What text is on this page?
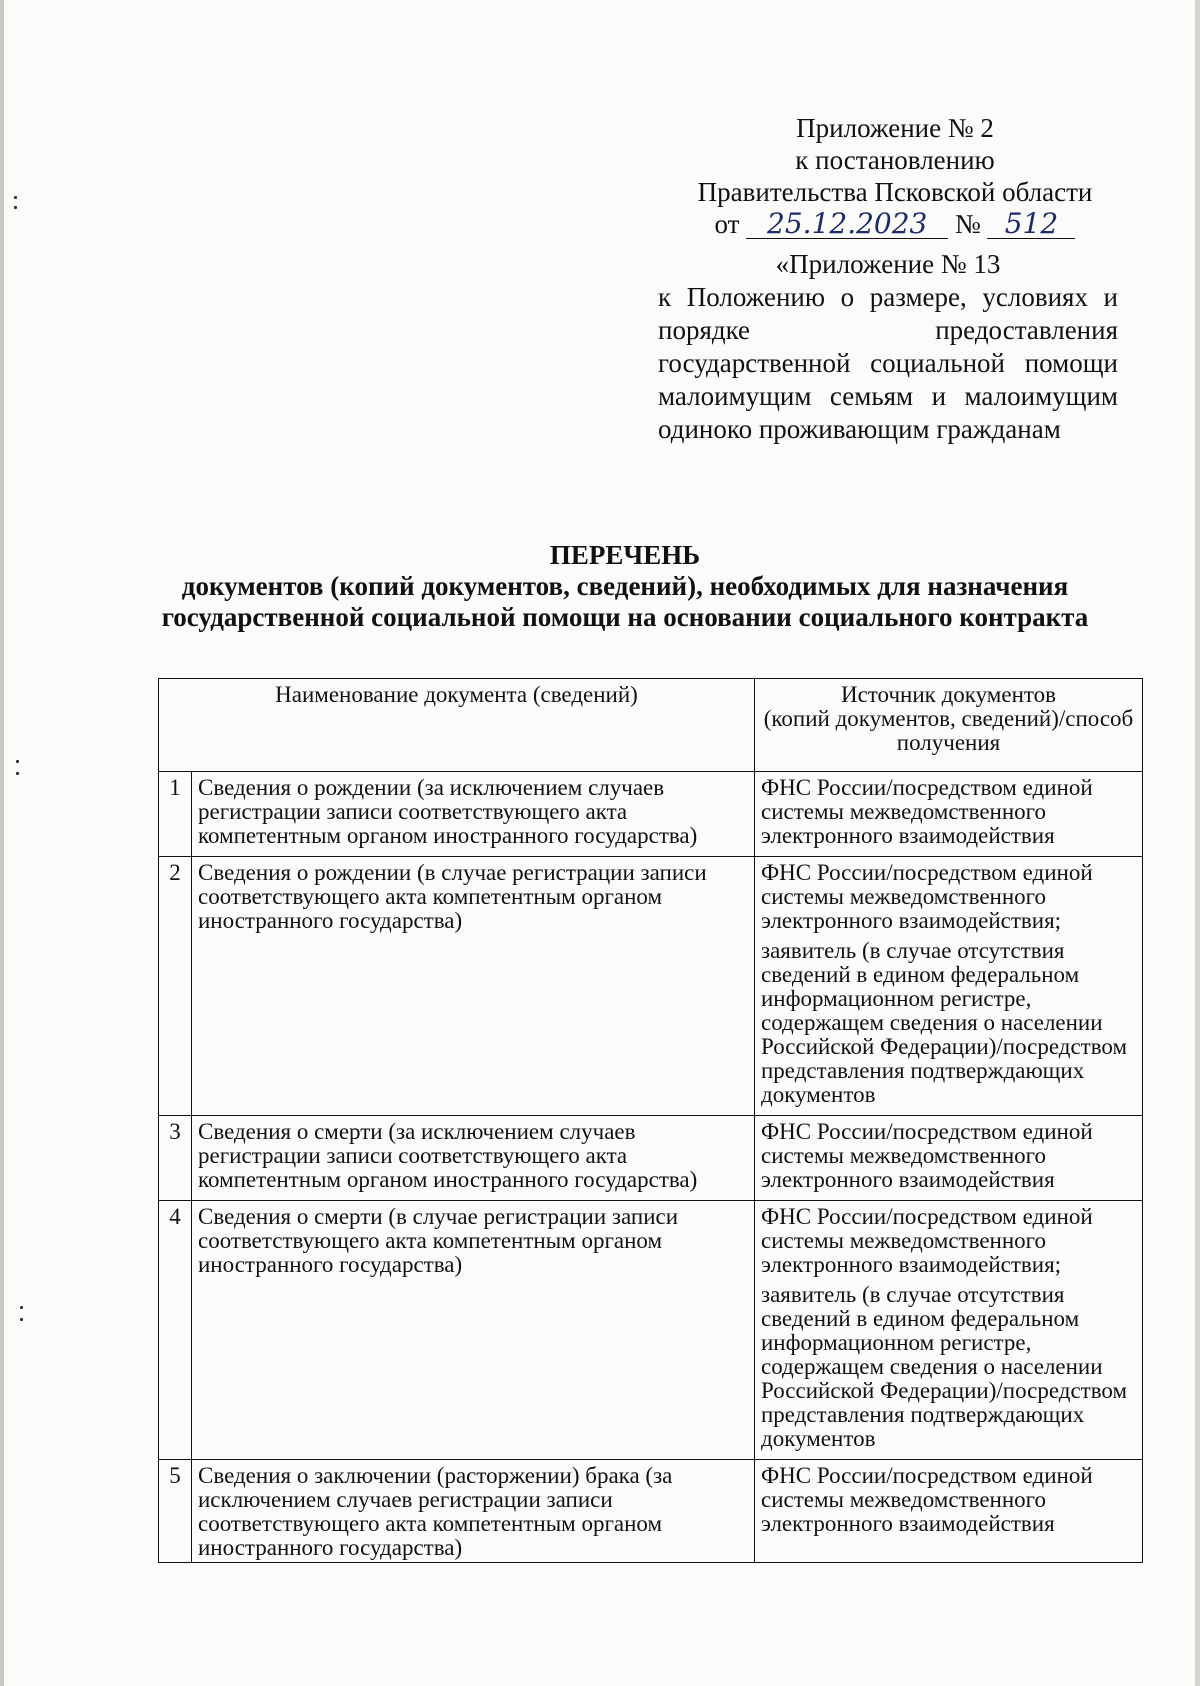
Приложение № 2
к постановлению
Правительства Псковской области
от 25.12.2023 № 512
«Приложение № 13
к Положению о размере, условиях и порядке предоставления государственной социальной помощи малоимущим семьям и малоимущим одиноко проживающим гражданам
ПЕРЕЧЕНЬ
документов (копий документов, сведений), необходимых для назначения государственной социальной помощи на основании социального контракта
Наименование документа (сведений)		Источник документов
(копий документов, сведений)/способ получения

1	Сведения о рождении (за исключением случаев регистрации записи соответствующего акта компетентным органом иностранного государства)	ФНС России/посредством единой системы межведомственного электронного взаимодействия

2	Сведения о рождении (в случае регистрации записи соответствующего акта компетентным органом иностранного государства)	ФНС России/посредством единой системы межведомственного электронного взаимодействия;

заявитель (в случае отсутствия сведений в едином федеральном информационном регистре, содержащем сведения о населении Российской Федерации)/посредством представления подтверждающих документов

3	Сведения о смерти (за исключением случаев регистрации записи соответствующего акта компетентным органом иностранного государства)	ФНС России/посредством единой системы межведомственного электронного взаимодействия

4	Сведения о смерти (в случае регистрации записи соответствующего акта компетентным органом иностранного государства)	ФНС России/посредством единой системы межведомственного электронного взаимодействия;

заявитель (в случае отсутствия сведений в едином федеральном информационном регистре, содержащем сведения о населении Российской Федерации)/посредством представления подтверждающих документов

5	Сведения о заключении (расторжении) брака (за исключением случаев регистрации записи соответствующего акта компетентным органом иностранного государства)	ФНС России/посредством единой системы межведомственного электронного взаимодействия
